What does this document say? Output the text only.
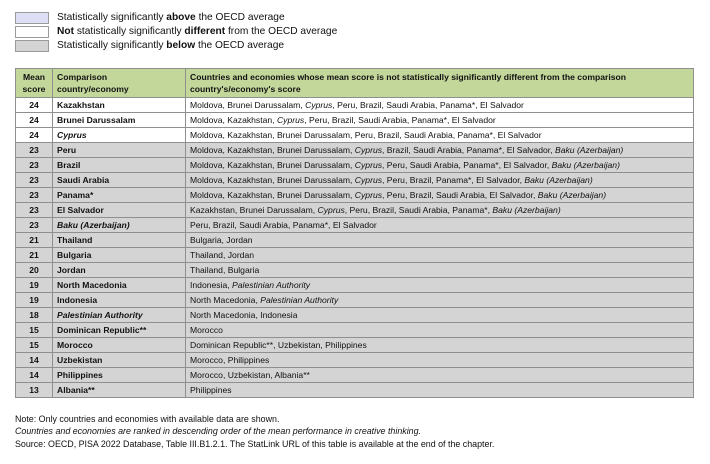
Statistically significantly above the OECD average
Not statistically significantly different from the OECD average
Statistically significantly below the OECD average
Mean score	Comparison country/economy	Countries and economies whose mean score is not statistically significantly different from the comparison country's/economy's score

24	Kazakhstan	Moldova, Brunei Darussalam, Cyprus, Peru, Brazil, Saudi Arabia, Panama*, El Salvador
24	Brunei Darussalam	Moldova, Kazakhstan, Cyprus, Peru, Brazil, Saudi Arabia, Panama*, El Salvador
24	Cyprus	Moldova, Kazakhstan, Brunei Darussalam, Peru, Brazil, Saudi Arabia, Panama*, El Salvador
23	Peru	Moldova, Kazakhstan, Brunei Darussalam, Cyprus, Brazil, Saudi Arabia, Panama*, El Salvador, Baku (Azerbaijan)
23	Brazil	Moldova, Kazakhstan, Brunei Darussalam, Cyprus, Peru, Saudi Arabia, Panama*, El Salvador, Baku (Azerbaijan)
23	Saudi Arabia	Moldova, Kazakhstan, Brunei Darussalam, Cyprus, Peru, Brazil, Panama*, El Salvador, Baku (Azerbaijan)
23	Panama*	Moldova, Kazakhstan, Brunei Darussalam, Cyprus, Peru, Brazil, Saudi Arabia, El Salvador, Baku (Azerbaijan)
23	El Salvador	Kazakhstan, Brunei Darussalam, Cyprus, Peru, Brazil, Saudi Arabia, Panama*, Baku (Azerbaijan)
23	Baku (Azerbaijan)	Peru, Brazil, Saudi Arabia, Panama*, El Salvador
21	Thailand	Bulgaria, Jordan
21	Bulgaria	Thailand, Jordan
20	Jordan	Thailand, Bulgaria
19	North Macedonia	Indonesia, Palestinian Authority
19	Indonesia	North Macedonia, Palestinian Authority
18	Palestinian Authority	North Macedonia, Indonesia
15	Dominican Republic**	Morocco
15	Morocco	Dominican Republic**, Uzbekistan, Philippines
14	Uzbekistan	Morocco, Philippines
14	Philippines	Morocco, Uzbekistan, Albania**
13	Albania**	Philippines
Note: Only countries and economies with available data are shown.
Countries and economies are ranked in descending order of the mean performance in creative thinking.
Source: OECD, PISA 2022 Database, Table III.B1.2.1. The StatLink URL of this table is available at the end of the chapter.
